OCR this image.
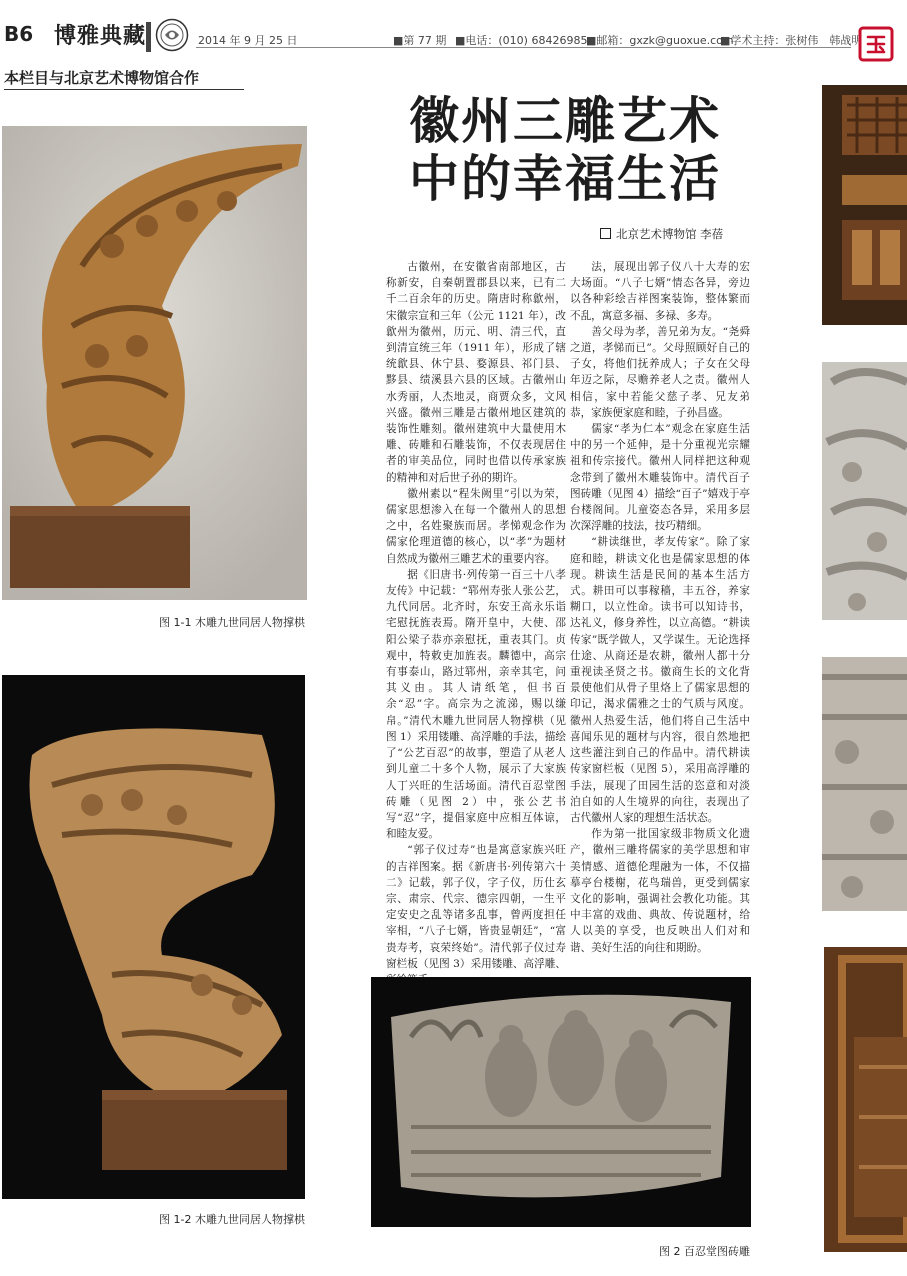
B6 博雅典藏	2014 年 9 月 25 日	■第 77 期 ■电话：(010) 68426985
■邮箱：gxzk@guoxue.com
■学术主持：张树伟　韩战明
国
本栏目与北京艺术博物馆合作
徽州三雕艺术
中的幸福生活
北京艺术博物馆 李蓓

古徽州，在安徽省南部地区，古称新安，自秦朝置郡县以来，已有二千二百余年的历史。隋唐时称歙州，宋徽宗宣和三年（公元 1121 年），改歙州为徽州，历元、明、清三代，直到清宣统三年（1911 年），形成了辖统歙县、休宁县、婺源县、祁门县、黟县、绩溪县六县的区域。古徽州山水秀丽，人杰地灵，商贾众多，文风兴盛。徽州三雕是古徽州地区建筑的装饰性雕刻。徽州建筑中大量使用木雕、砖雕和石雕装饰，不仅表现居住者的审美品位，同时也借以传承家族的精神和对后世子孙的期许。

徽州素以“程朱阙里”引以为荣，儒家思想渗入在每一个徽州人的思想之中，名姓聚族而居。孝悌观念作为儒家伦理道德的核心，以“孝”为题材自然成为徽州三雕艺术的重要内容。

据《旧唐书·列传第一百三十八孝友传》中记载：“郓州寿张人张公艺，九代同居。北齐时，东安王高永乐诣宅慰抚旌表焉。隋开皇中，大使、邵阳公梁子恭亦亲慰抚，重表其门。贞观中，特敕吏加旌表。麟德中，高宗有事泰山，路过郓州，亲幸其宅，问其义由。其人请纸笔，但书百余“忍”字。高宗为之流涕，赐以缣帛。”清代木雕九世同居人物撑栱（见图 1）采用镂雕、高浮雕的手法，描绘了“公艺百忍”的故事，塑造了从老人到儿童二十多个人物，展示了大家族人丁兴旺的生活场面。清代百忍堂图砖雕（见图 2）中，张公艺书写“忍”字，提倡家庭中应相互体谅，和睦友爱。

“郭子仪过寿”也是寓意家族兴旺的吉祥图案。据《新唐书·列传第六十二》记载，郭子仪，字子仪，历仕玄宗、肃宗、代宗、德宗四朝，一生平定安史之乱等诸多乱事，曾两度担任宰相，“八子七婿，皆贵显朝廷”，“富贵寿考，哀荣终始”。清代郭子仪过寿窗栏板（见图 3）采用镂雕、高浮雕、

法，展现出郭子仪八十大寿的宏大场面。“八子七婿”情态各异，旁边以各种彩绘吉祥图案装饰，整体繁而不乱，寓意多福、多禄、多寿。

善父母为孝，善兄弟为友。“尧舜之道，孝悌而已”。父母照顾好自己的子女，将他们抚养成人；子女在父母年迈之际，尽赡养老人之责。徽州人相信，家中若能父慈子孝、兄友弟恭，家族便家庭和睦，子孙昌盛。

儒家“孝为仁本”观念在家庭生活中的另一个延伸，是十分重视光宗耀祖和传宗接代。徽州人同样把这种观念带到了徽州木雕装饰中。清代百子图砖雕（见图 4）描绘“百子”嬉戏于亭台楼阁间。儿童姿态各异，采用多层次深浮雕的技法，技巧精细。

“耕读继世，孝友传家”。除了家庭和睦，耕读文化也是儒家思想的体现。耕读生活是民间的基本生活方式。耕田可以事稼穑，丰五谷，养家糊口，以立性命。读书可以知诗书，达礼义，修身养性，以立高德。“耕读传家”既学做人，又学谋生。无论选择仕途、从商还是农耕，徽州人都十分重视读圣贤之书。徽商生长的文化背景使他们从骨子里烙上了儒家思想的印记，渴求儒雅之士的气质与风度。徽州人热爱生活，他们将自己生活中喜闻乐见的题材与内容，很自然地把这些灌注到自己的作品中。清代耕读传家窗栏板（见图 5），采用高浮雕的手法，展现了田园生活的恣意和对淡泊自如的人生境界的向往，表现出了古代徽州人家的理想生活状态。

作为第一批国家级非物质文化遗产，徽州三雕将儒家的美学思想和审美情感、道德伦理融为一体，不仅描摹亭台楼榭，花鸟瑞兽，更受到儒家文化的影响，强调社会教化功能。其中丰富的戏曲、典故、传说题材，给人以美的享受，也反映出人们对和谐、美好生活的向往和期盼。

图 1-1 木雕九世同居人物撑栱
图 1-2 木雕九世同居人物撑栱
图 2 百忍堂图砖雕
